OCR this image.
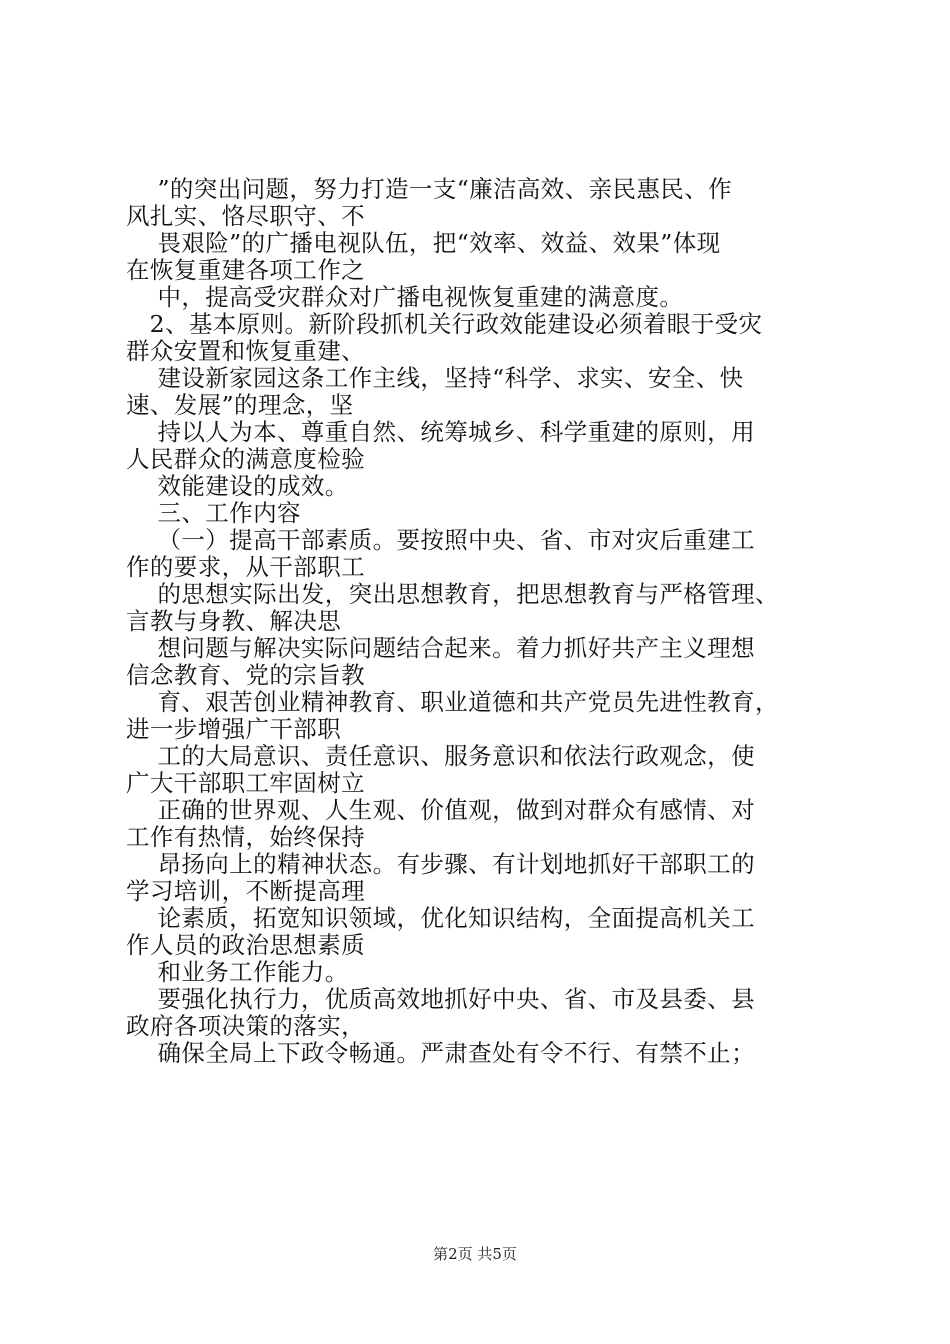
”的突出问题，努力打造一支“廉洁高效、亲民惠民、作
风扎实、恪尽职守、不
畏艰险”的广播电视队伍，把“效率、效益、效果”体现
在恢复重建各项工作之
中，提高受灾群众对广播电视恢复重建的满意度。
2、基本原则。新阶段抓机关行政效能建设必须着眼于受灾
群众安置和恢复重建、
建设新家园这条工作主线，坚持“科学、求实、安全、快
速、发展”的理念，坚
持以人为本、尊重自然、统筹城乡、科学重建的原则，用
人民群众的满意度检验
效能建设的成效。
三、工作内容
（一）提高干部素质。要按照中央、省、市对灾后重建工
作的要求，从干部职工
的思想实际出发，突出思想教育，把思想教育与严格管理、
言教与身教、解决思
想问题与解决实际问题结合起来。着力抓好共产主义理想
信念教育、党的宗旨教
育、艰苦创业精神教育、职业道德和共产党员先进性教育，
进一步增强广干部职
工的大局意识、责任意识、服务意识和依法行政观念，使
广大干部职工牢固树立
正确的世界观、人生观、价值观，做到对群众有感情、对
工作有热情，始终保持
昂扬向上的精神状态。有步骤、有计划地抓好干部职工的
学习培训，不断提高理
论素质，拓宽知识领域，优化知识结构，全面提高机关工
作人员的政治思想素质
和业务工作能力。
要强化执行力，优质高效地抓好中央、省、市及县委、县
政府各项决策的落实，
确保全局上下政令畅通。严肃查处有令不行、有禁不止；
第2页 共5页
